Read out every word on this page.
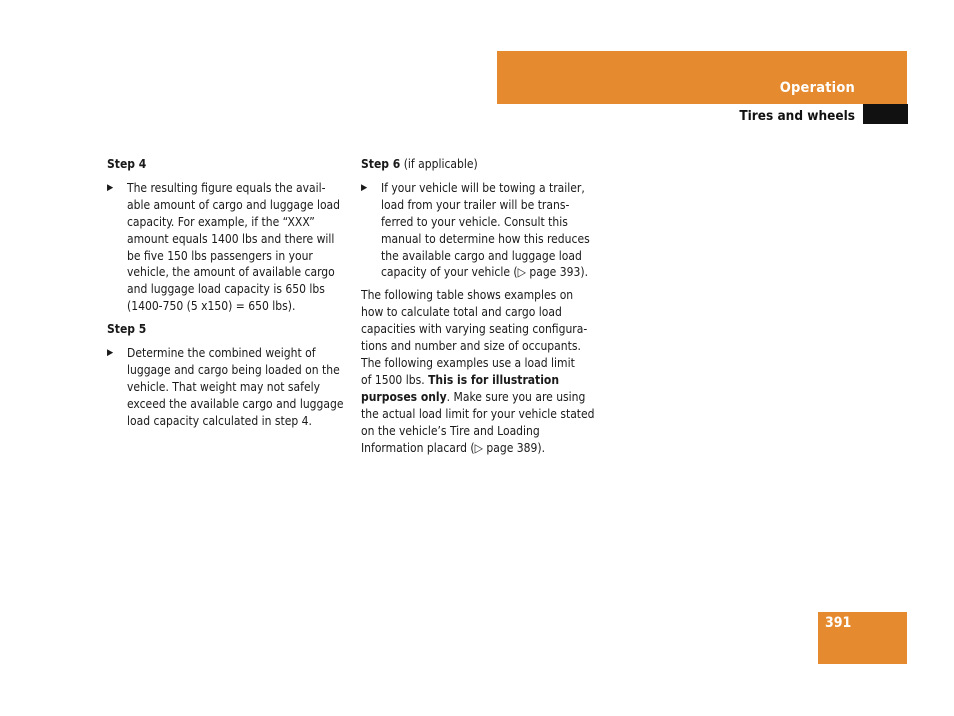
Operation
Tires and wheels

Step 4

▶	The resulting figure equals the avail-
able amount of cargo and luggage load
capacity. For example, if the “XXX”
amount equals 1400 lbs and there will
be five 150 lbs passengers in your
vehicle, the amount of available cargo
and luggage load capacity is 650 lbs
(1400-750 (5 x150) = 650 lbs).

Step 5

▶	Determine the combined weight of
luggage and cargo being loaded on the
vehicle. That weight may not safely
exceed the available cargo and luggage
load capacity calculated in step 4.

Step 6 (if applicable)

▶	If your vehicle will be towing a trailer,
load from your trailer will be trans-
ferred to your vehicle. Consult this
manual to determine how this reduces
the available cargo and luggage load
capacity of your vehicle (▷ page 393).

The following table shows examples on
how to calculate total and cargo load
capacities with varying seating configura-
tions and number and size of occupants.
The following examples use a load limit
of 1500 lbs. This is for illustration
purposes only. Make sure you are using
the actual load limit for your vehicle stated
on the vehicle’s Tire and Loading
Information placard (▷ page 389).

391
